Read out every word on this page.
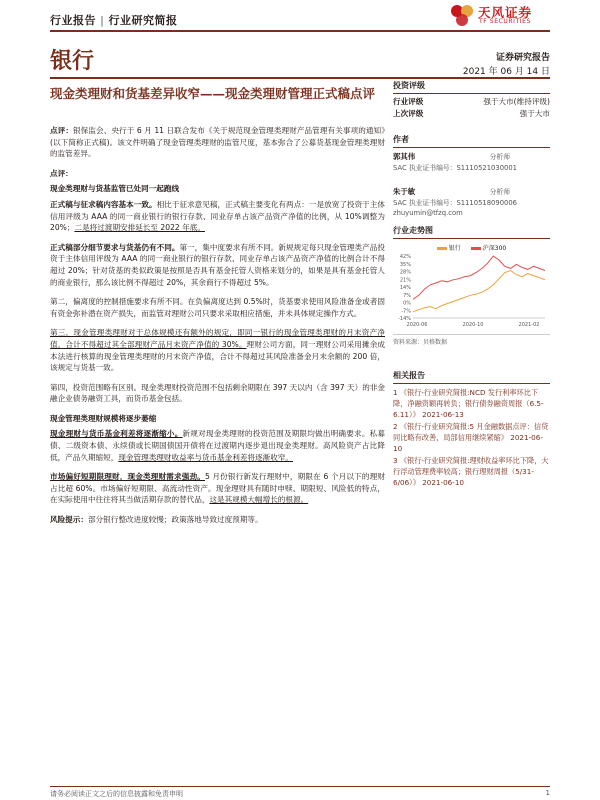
行业报告 | 行业研究简报
天风证券
TF SECURITIES
银行	证券研究报告
2021 年 06 月 14 日
现金类理财和货基差异收窄——现金类理财管理正式稿点评

点评：银保监会、央行于 6 月 11 日联合发布《关于规范现金管理类理财产品管理有关事项的通知》(以下简称正式稿)。该文件明确了现金管理类理财的监管尺度，基本弥合了公募货基现金管理类理财的监管差异。

点评：
现金类理财与货基监管已处同一起跑线

正式稿与征求稿内容基本一致。相比于征求意见稿，正式稿主要变化有两点：一是放宽了投资于主体信用评级为 AAA 的同一商业银行的银行存款、同业存单占该产品资产净值的比例，从 10%调整为 20%；二是将过渡期安排延长至 2022 年底。

正式稿部分细节要求与货基仍有不同。第一，集中度要求有所不同。新规规定每只现金管理类产品投资于主体信用评级为 AAA 的同一商业银行的银行存款、同业存单占该产品资产净值的比例合计不得超过 20%；针对货基的类似政策是按照是否具有基金托管人资格来划分的，如果是具有基金托管人的商业银行，那么该比例不得超过 20%，其余商行不得超过 5%。

第二，偏离度的控制措施要求有所不同。在负偏离度达到 0.5%时，货基要求使用风险准备金或者固有资金弥补潜在资产损失，而监管对理财公司只要求采取相应措施，并未具体规定操作方式。

第三，现金管理类理财对于总体规模还有额外的规定，即同一银行的现金管理类理财的月末资产净值，合计不得超过其全部理财产品月末资产净值的 30%。理财公司方面，同一理财公司采用摊余成本法进行核算的现金管理类理财的月末资产净值，合计不得超过其风险准备金月末余额的 200 倍，该规定与货基一致。

第四，投资范围略有区别。现金类理财投资范围不包括剩余期限在 397 天以内（含 397 天）的非金融企业债务融资工具，而货币基金包括。

现金管理类理财规模将逐步萎缩

现金理财与货币基金利差将逐渐缩小。新规对现金类理财的投资范围及期限均做出明确要求。私募债、二级资本债、永续债或长期国债国开债将在过渡期内逐步退出现金类理财。高风险资产占比降低，产品久期缩短，现金管理类理财收益率与货币基金利差将逐渐收窄。

市场偏好短期限理财，现金类理财需求强劲。5 月份银行新发行理财中，期限在 6 个月以下的理财占比超 60%。市场偏好短期限、高流动性资产。现金理财具有随时申赎、期限短、风险低的特点，在实际使用中往往将其当做活期存款的替代品，这是其规模大幅增长的根源。

风险提示：部分银行整改进度较慢；政策落地导致过度预期等。

投资评级
行业评级	强于大市(维持评级)
上次评级	强于大市
作者
郭其伟	分析师
SAC 执业证书编号：S1110521030001
朱于敏	分析师
SAC 执业证书编号：S1110518090006
zhuyumin@tfzq.com
行业走势图
银行	沪深300
42%
35%
28%
21%
14%
7%
0%
-7%
-14%
2020-06	2020-10	2021-02
资料来源：贝格数据
相关报告
1 《银行-行业研究简报:NCD 发行利率环比下降，净融资额再转负；银行债券融资周报（6.5-6.11）》 2021-06-13
2 《银行-行业研究简报:5 月金融数据点评：信贷同比略有改善，局部信用继续紧缩》 2021-06-10
3 《银行-行业研究简报:理财收益率环比下降，大行浮动管理费率较高；银行理财周报（5/31-6/06）》 2021-06-10
请务必阅读正文之后的信息披露和免责申明	1
